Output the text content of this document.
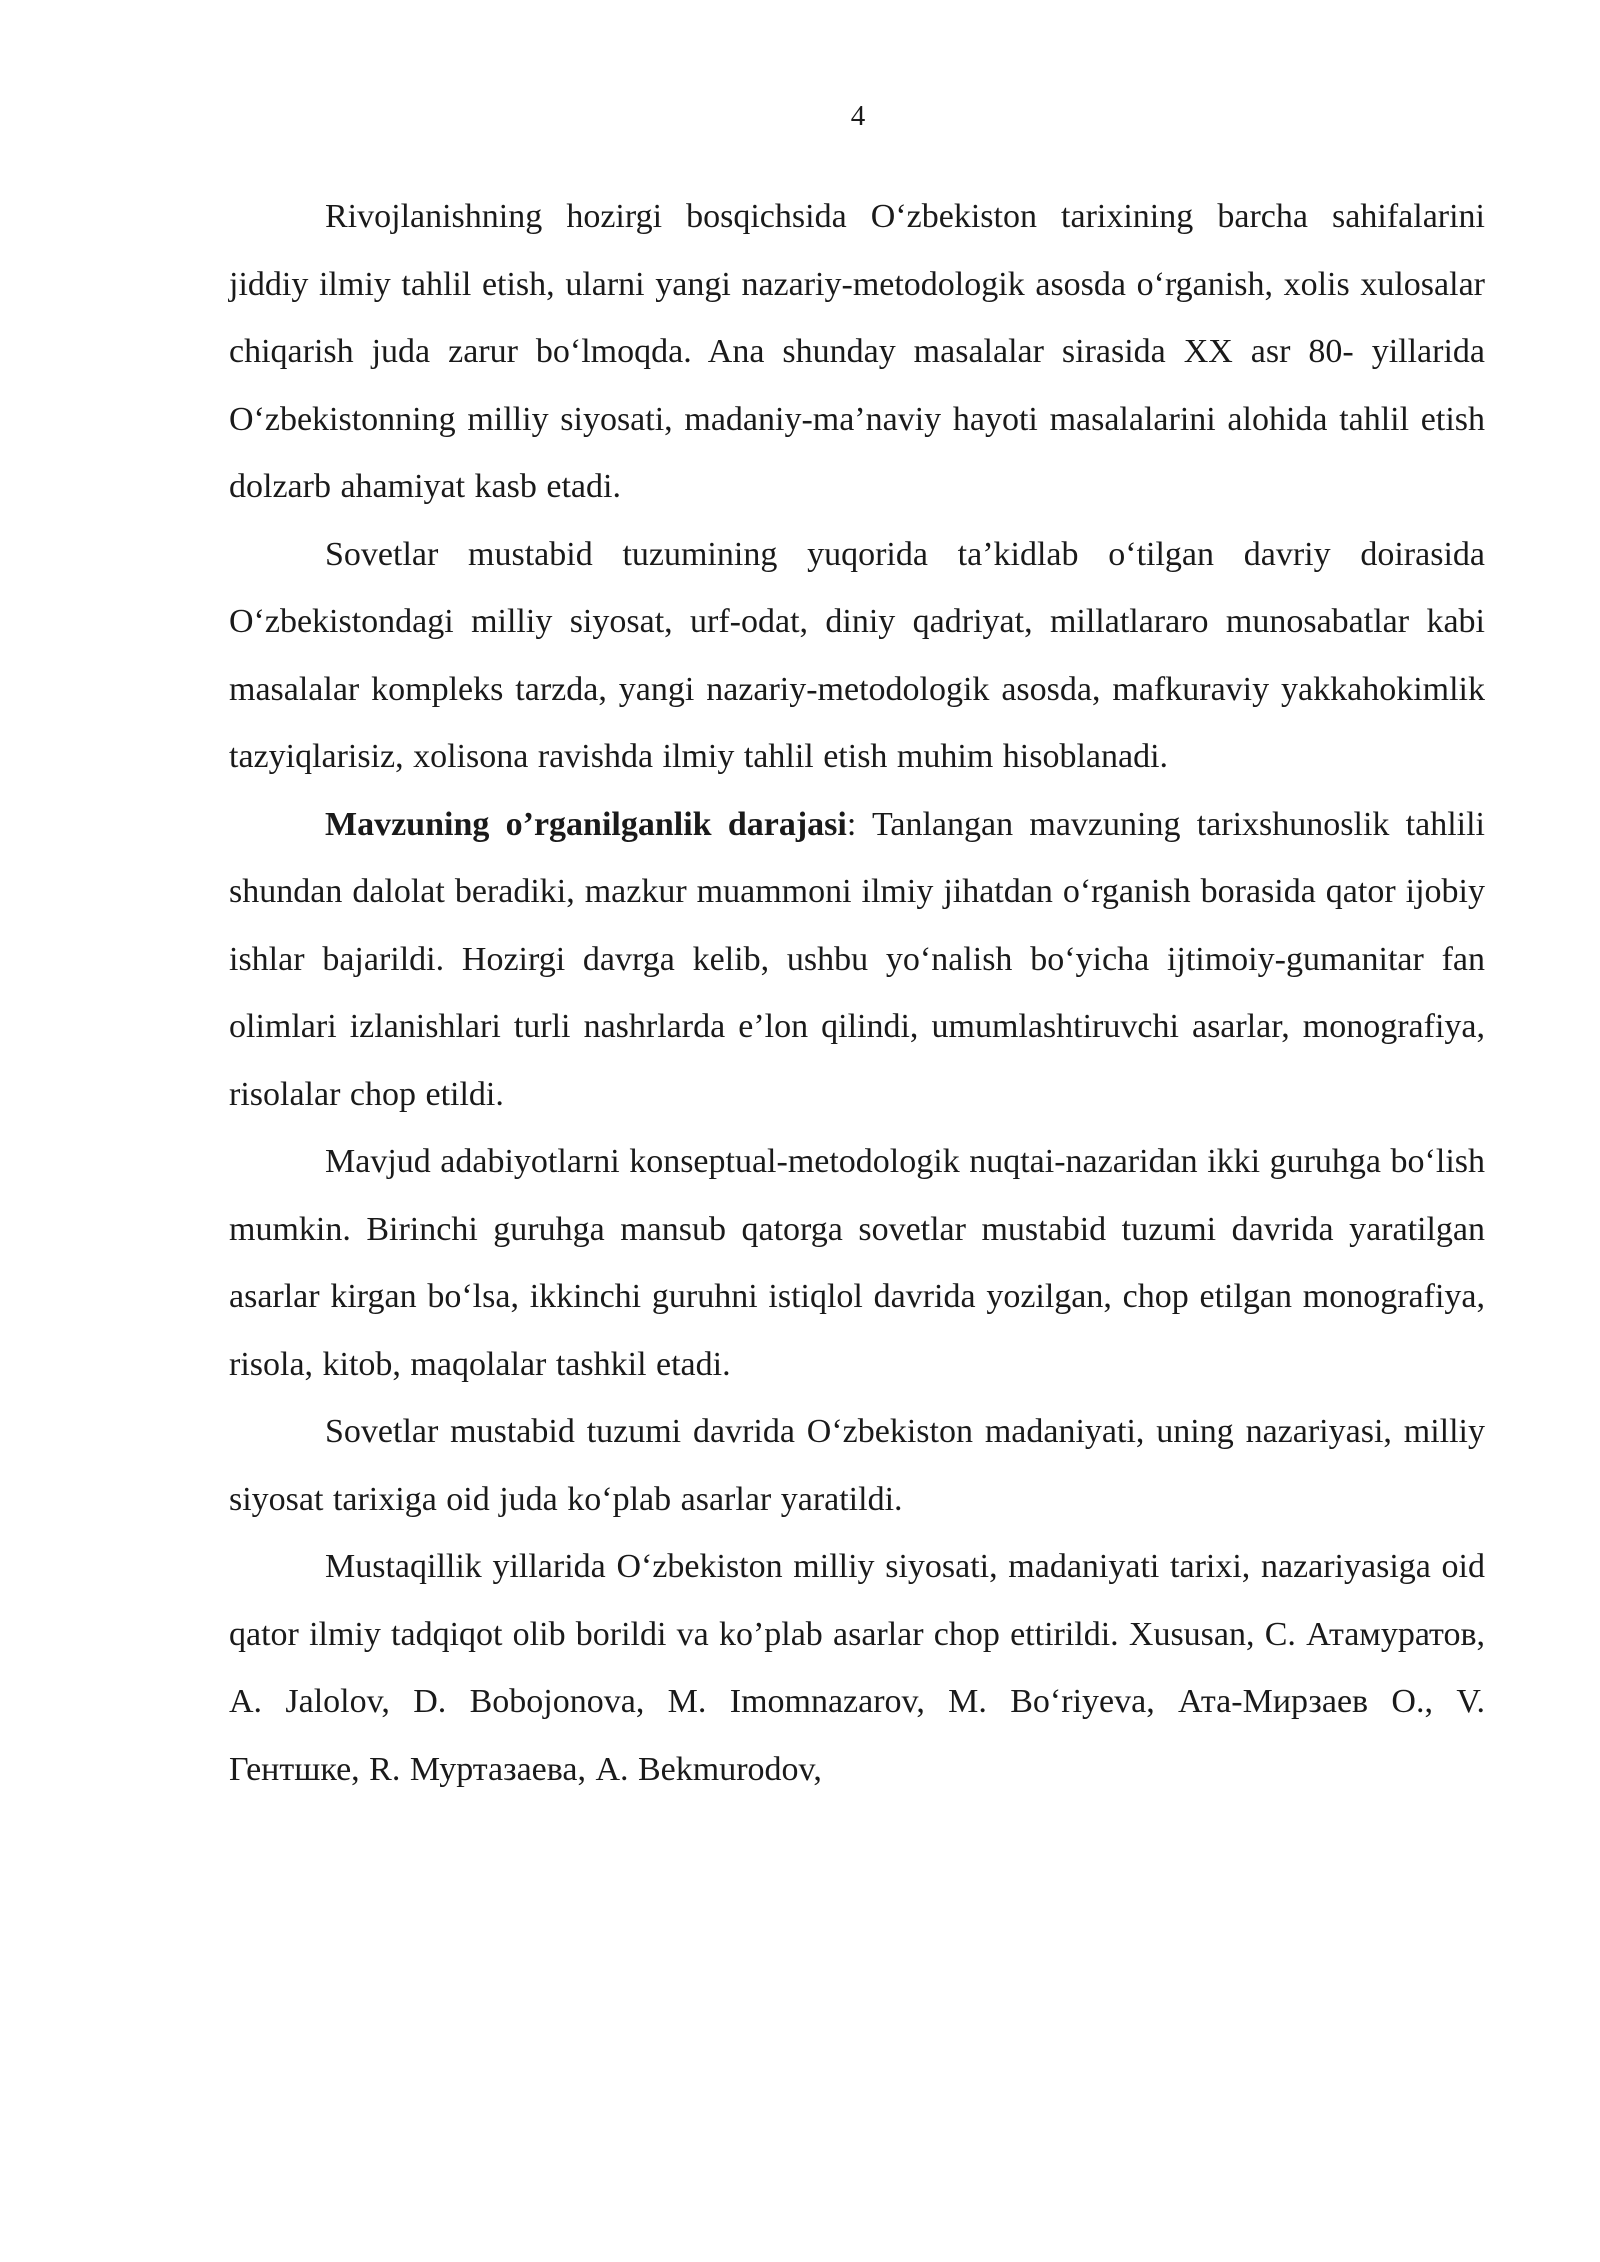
4

Rivojlanishning hozirgi bosqichsida O‘zbekiston tarixining barcha sahifalarini jiddiy ilmiy tahlil etish, ularni yangi nazariy-metodologik asosda o‘rganish, xolis xulosalar chiqarish juda zarur bo‘lmoqda. Ana shunday masalalar sirasida XX asr 80- yillarida O‘zbekistonning milliy siyosati, madaniy-ma’naviy hayoti masalalarini alohida tahlil etish dolzarb ahamiyat kasb etadi.

Sovetlar mustabid tuzumining yuqorida ta’kidlab o‘tilgan davriy doirasida O‘zbekistondagi milliy siyosat, urf-odat, diniy qadriyat, millatlararo munosabatlar kabi masalalar kompleks tarzda, yangi nazariy-metodologik asosda, mafkuraviy yakkahokimlik tazyiqlarisiz, xolisona ravishda ilmiy tahlil etish muhim hisoblanadi.

Mavzuning o’rganilganlik darajasi: Tanlangan mavzuning tarixshunoslik tahlili shundan dalolat beradiki, mazkur muammoni ilmiy jihatdan o‘rganish borasida qator ijobiy ishlar bajarildi. Hozirgi davrga kelib, ushbu yo‘nalish bo‘yicha ijtimoiy-gumanitar fan olimlari izlanishlari turli nashrlarda e’lon qilindi, umumlashtiruvchi asarlar, monografiya, risolalar chop etildi.

Mavjud adabiyotlarni konseptual-metodologik nuqtai-nazaridan ikki guruhga bo‘lish mumkin. Birinchi guruhga mansub qatorga sovetlar mustabid tuzumi davrida yaratilgan asarlar kirgan bo‘lsa, ikkinchi guruhni istiqlol davrida yozilgan, chop etilgan monografiya, risola, kitob, maqolalar tashkil etadi.

Sovetlar mustabid tuzumi davrida O‘zbekiston madaniyati, uning nazariyasi, milliy siyosat tarixiga oid juda ko‘plab asarlar yaratildi.

Mustaqillik yillarida O‘zbekiston milliy siyosati, madaniyati tarixi, nazariyasiga oid qator ilmiy tadqiqot olib borildi va ko’plab asarlar chop ettirildi. Xususan, С. Атамуратов, A. Jalolov, D. Bobojonova, M. Imomnazarov, M. Bo‘riyeva, Ата-Мирзаев О., V. Гентшке, R. Муртазаева, A. Bekmurodov,
